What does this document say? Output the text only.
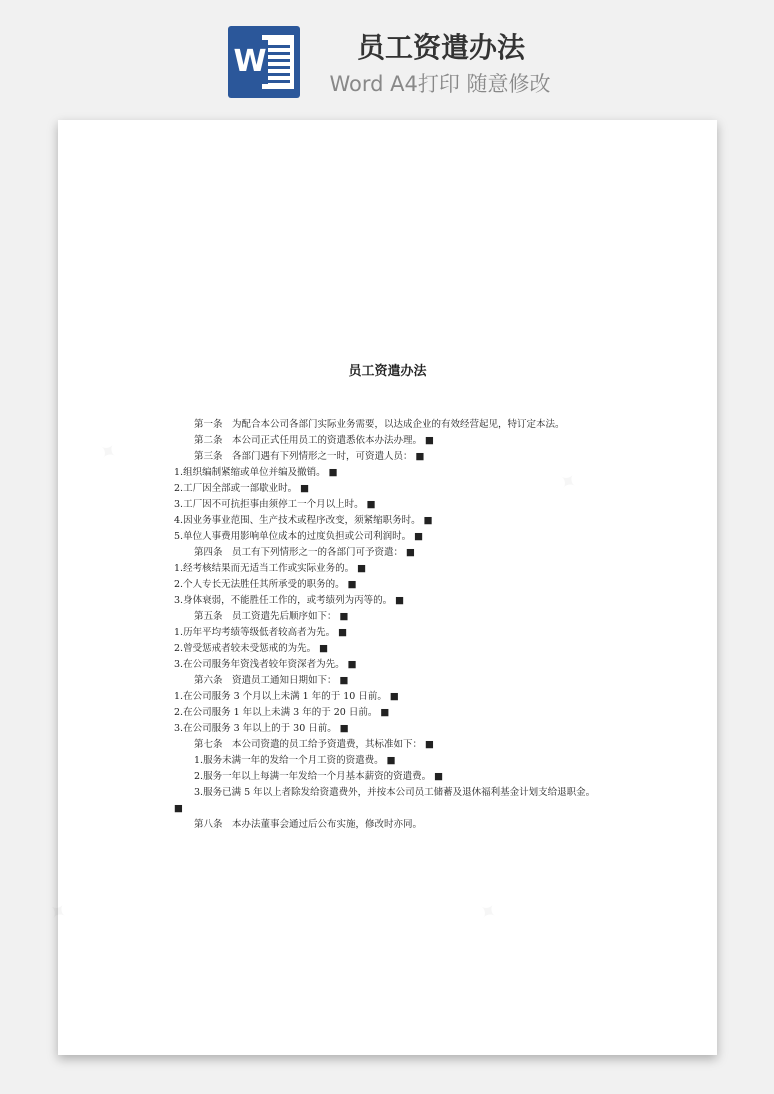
W	员工资遣办法
Word A4打印 随意修改
员工资遣办法
第一条　为配合本公司各部门实际业务需要，以达成企业的有效经营起见，特订定本法。
第二条　本公司正式任用员工的资遣悉依本办法办理。 ■
第三条　各部门遇有下列情形之一时，可资遣人员： ■
1.组织编制紧缩或单位并编及撤销。 ■
2.工厂因全部或一部歇业时。 ■
3.工厂因不可抗拒事由须停工一个月以上时。 ■
4.因业务事业范围、生产技术或程序改变，须紧缩职务时。 ■
5.单位人事费用影响单位成本的过度负担或公司利润时。 ■
第四条　员工有下列情形之一的各部门可予资遣： ■
1.经考核结果而无适当工作或实际业务的。 ■
2.个人专长无法胜任其所承受的职务的。 ■
3.身体衰弱，不能胜任工作的，或考绩列为丙等的。 ■
第五条　员工资遣先后顺序如下： ■
1.历年平均考绩等级低者较高者为先。 ■
2.曾受惩戒者较未受惩戒的为先。 ■
3.在公司服务年资浅者较年资深者为先。 ■
第六条　资遣员工通知日期如下： ■
1.在公司服务 3 个月以上未满 1 年的于 10 日前。 ■
2.在公司服务 1 年以上未满 3 年的于 20 日前。 ■
3.在公司服务 3 年以上的于 30 日前。 ■
第七条　本公司资遣的员工给予资遣费，其标准如下： ■
1.服务未满一年的发给一个月工资的资遣费。 ■
2.服务一年以上每满一年发给一个月基本薪资的资遣费。 ■
3.服务已满 5 年以上者除发给资遣费外，并按本公司员工储蓄及退休福利基金计划支给退职金。 ■
第八条　本办法董事会通过后公布实施，修改时亦同。
